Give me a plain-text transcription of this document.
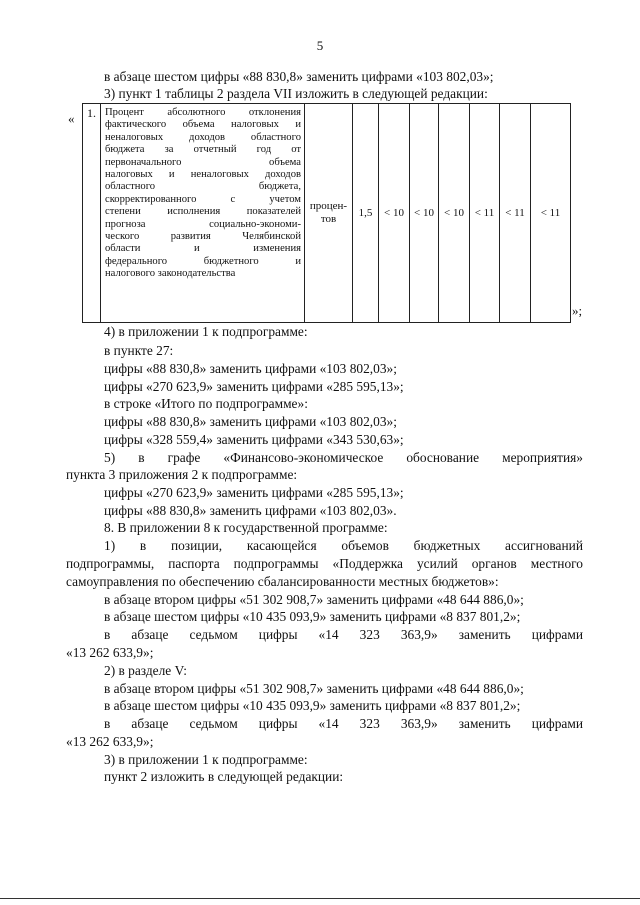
5
в абзаце шестом цифры «88 830,8» заменить цифрами «103 802,03»;
3) пункт 1 таблицы 2 раздела VII изложить в следующей редакции:
« 1.	Процент абсолютного отклонения
фактического объема налоговых и
неналоговых доходов областного
бюджета за отчетный год от
первоначального объема
налоговых и неналоговых доходов
областного бюджета,
скорректированного с учетом
степени исполнения показателей
прогноза социально-экономи-
ческого развития Челябинской
области и изменения
федерального бюджетного и
налогового законодательства

процен-
тов
	1,5	< 10	< 10	< 10	< 11	< 11	< 11
»;
4) в приложении 1 к подпрограмме:
в пункте 27:
цифры «88 830,8» заменить цифрами «103 802,03»;
цифры «270 623,9» заменить цифрами «285 595,13»;
в строке «Итого по подпрограмме»:
цифры «88 830,8» заменить цифрами «103 802,03»;
цифры «328 559,4» заменить цифрами «343 530,63»;
5) в графе «Финансово-экономическое обоснование мероприятия»
пункта 3 приложения 2 к подпрограмме:
цифры «270 623,9» заменить цифрами «285 595,13»;
цифры «88 830,8» заменить цифрами «103 802,03».
8. В приложении 8 к государственной программе:
1) в позиции, касающейся объемов бюджетных ассигнований
подпрограммы, паспорта подпрограммы «Поддержка усилий органов местного
самоуправления по обеспечению сбалансированности местных бюджетов»:
в абзаце втором цифры «51 302 908,7» заменить цифрами «48 644 886,0»;
в абзаце шестом цифры «10 435 093,9» заменить цифрами «8 837 801,2»;
в абзаце седьмом цифры «14 323 363,9» заменить цифрами
«13 262 633,9»;
2) в разделе V:
в абзаце втором цифры «51 302 908,7» заменить цифрами «48 644 886,0»;
в абзаце шестом цифры «10 435 093,9» заменить цифрами «8 837 801,2»;
в абзаце седьмом цифры «14 323 363,9» заменить цифрами
«13 262 633,9»;
3) в приложении 1 к подпрограмме:
пункт 2 изложить в следующей редакции:
